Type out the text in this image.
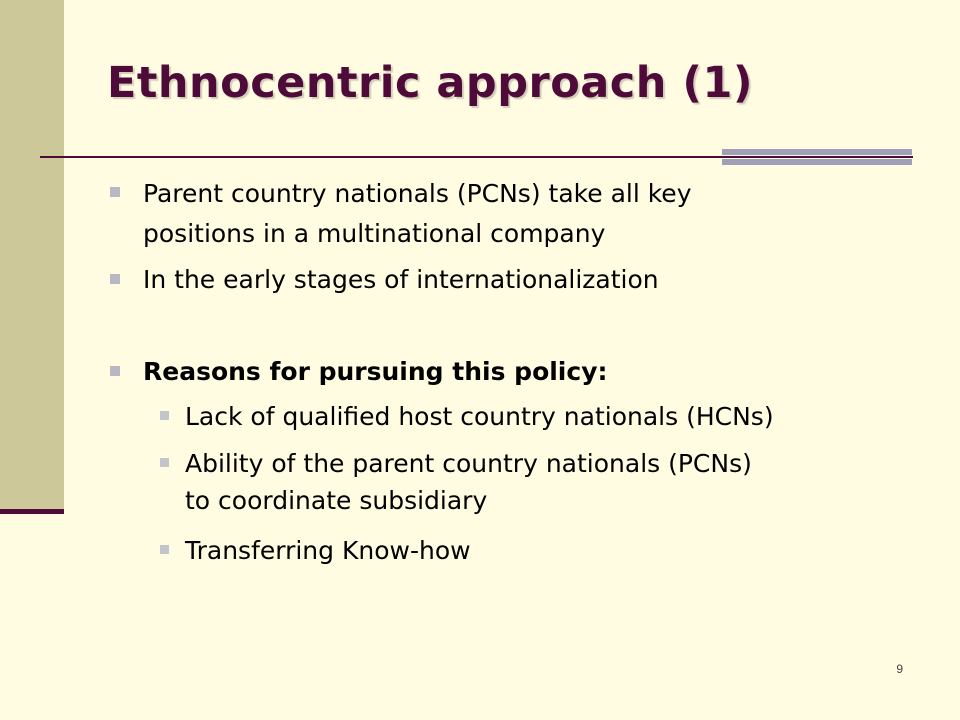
Ethnocentric approach (1)
Parent country nationals (PCNs) take all key
positions in a multinational company
In the early stages of internationalization
Reasons for pursuing this policy:
Lack of qualified host country nationals (HCNs)
Ability of the parent country nationals (PCNs)
to coordinate subsidiary
Transferring Know-how
9
